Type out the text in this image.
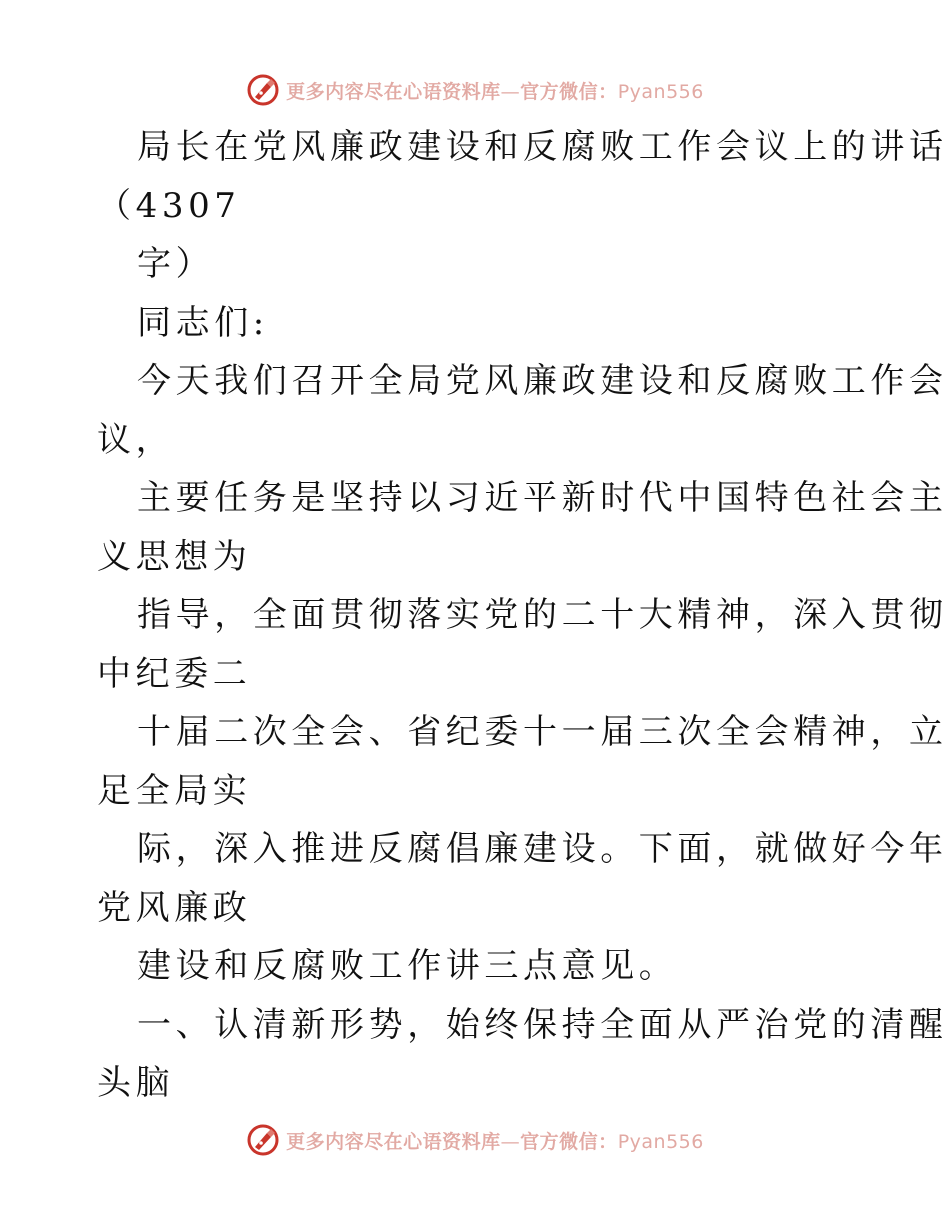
更多内容尽在心语资料库—官方微信：Pyan556

局长在党风廉政建设和反腐败工作会议上的讲话

（4307

字）

同志们:

今天我们召开全局党风廉政建设和反腐败工作会

议，

主要任务是坚持以习近平新时代中国特色社会主

义思想为

指导，全面贯彻落实党的二十大精神，深入贯彻

中纪委二

十届二次全会、省纪委十一届三次全会精神，立

足全局实

际，深入推进反腐倡廉建设。下面，就做好今年

党风廉政

建设和反腐败工作讲三点意见。

一、认清新形势，始终保持全面从严治党的清醒

头脑

更多内容尽在心语资料库—官方微信：Pyan556
